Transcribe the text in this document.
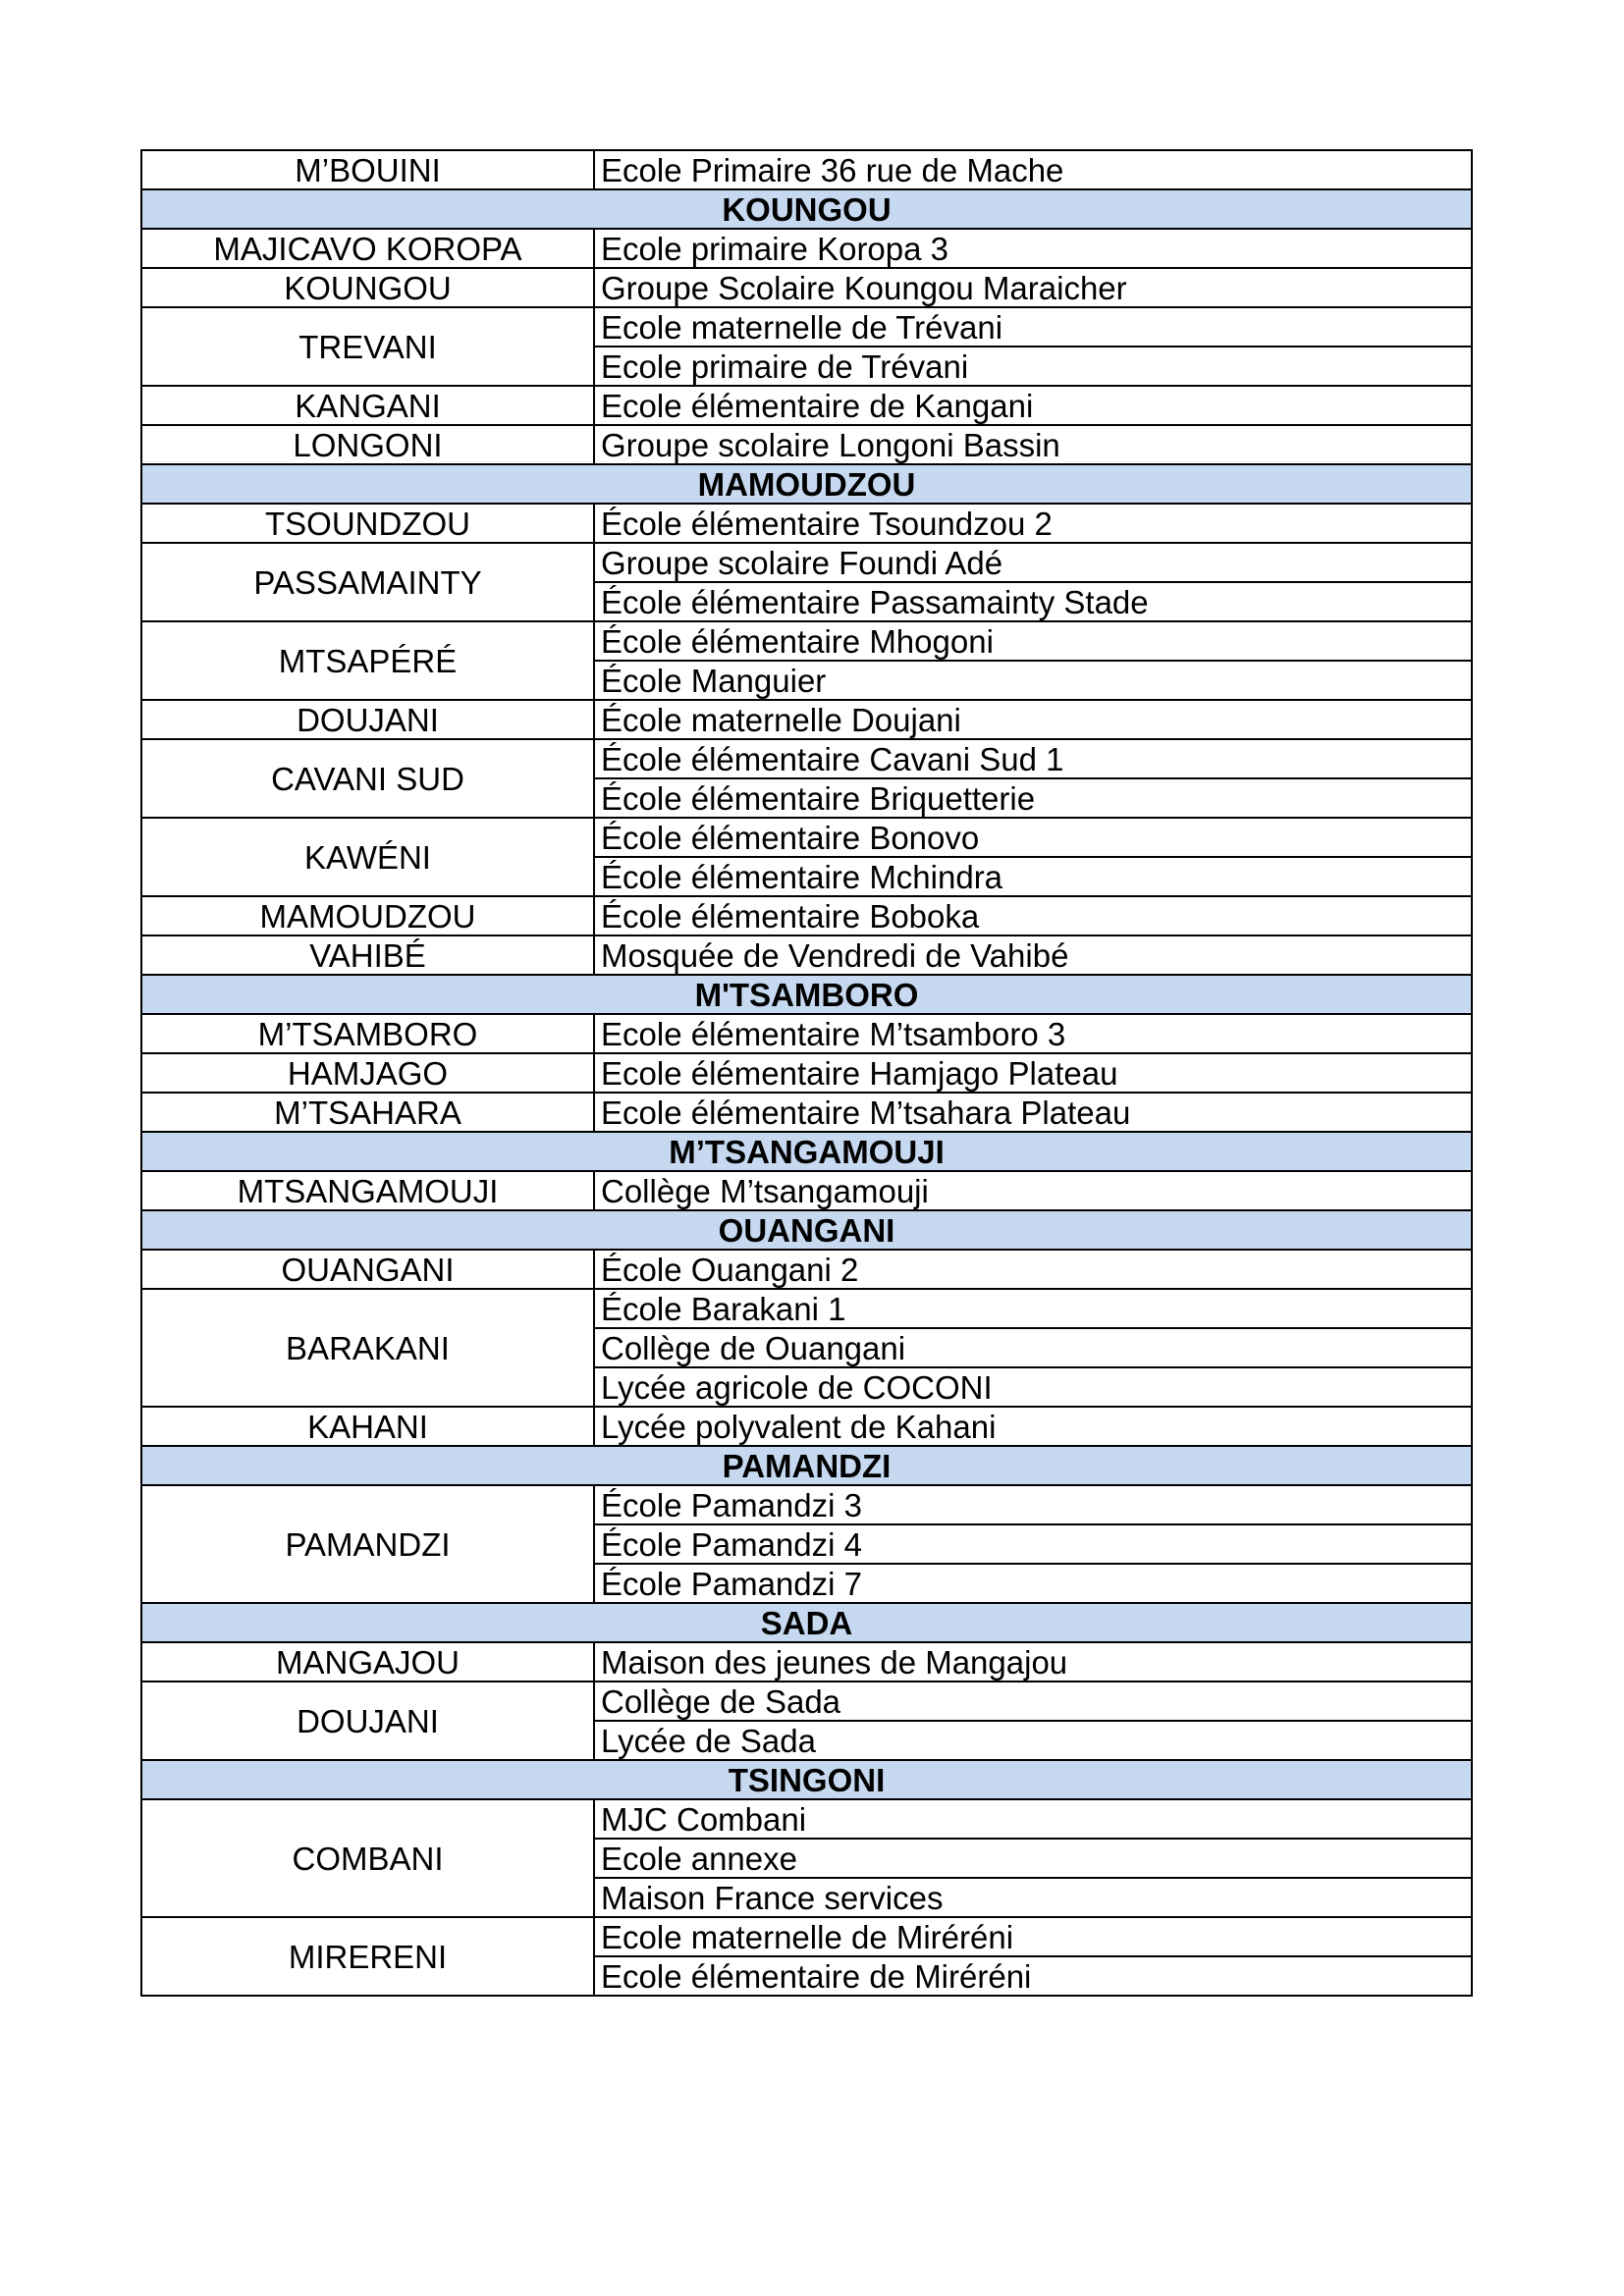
M’BOUINI	Ecole Primaire 36 rue de Mache
KOUNGOU	
MAJICAVO KOROPA	Ecole primaire Koropa 3
KOUNGOU	Groupe Scolaire Koungou Maraicher
TREVANI	Ecole maternelle de Trévani
	Ecole primaire de Trévani
KANGANI	Ecole élémentaire de Kangani
LONGONI	Groupe scolaire Longoni Bassin
MAMOUDZOU	
TSOUNDZOU	École élémentaire Tsoundzou 2
PASSAMAINTY	Groupe scolaire Foundi Adé
	École élémentaire Passamainty Stade
MTSAPÉRÉ	École élémentaire Mhogoni
	École Manguier
DOUJANI	École maternelle Doujani
CAVANI SUD	École élémentaire Cavani Sud 1
	École élémentaire Briquetterie
KAWÉNI	École élémentaire Bonovo
	École élémentaire Mchindra
MAMOUDZOU	École élémentaire Boboka
VAHIBÉ	Mosquée de Vendredi de Vahibé
M'TSAMBORO	
M’TSAMBORO	Ecole élémentaire M’tsamboro 3
HAMJAGO	Ecole élémentaire Hamjago Plateau
M’TSAHARA	Ecole élémentaire M’tsahara Plateau
M’TSANGAMOUJI	
MTSANGAMOUJI	Collège M’tsangamouji
OUANGANI	
OUANGANI	École Ouangani 2
BARAKANI	École Barakani 1
	Collège de Ouangani
	Lycée agricole de COCONI
KAHANI	Lycée polyvalent de Kahani
PAMANDZI	
PAMANDZI	École Pamandzi 3
	École Pamandzi 4
	École Pamandzi 7
SADA	
MANGAJOU	Maison des jeunes de Mangajou
DOUJANI	Collège de Sada
	Lycée de Sada
TSINGONI	
COMBANI	MJC Combani
	Ecole annexe
	Maison France services
MIRERENI	Ecole maternelle de Miréréni
	Ecole élémentaire de Miréréni
